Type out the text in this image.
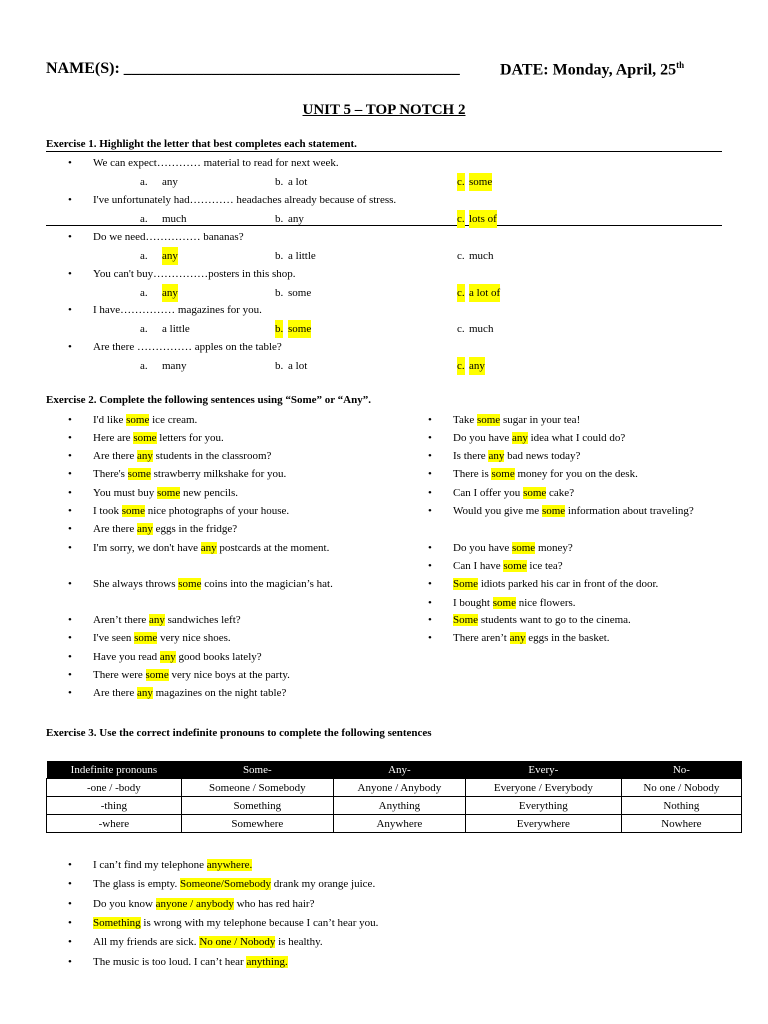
NAME(S): __________________________________________	DATE: Monday, April, 25th
UNIT 5 – TOP NOTCH 2
Exercise 1. Highlight the letter that best completes each statement.
• We can expect………… material to read for next week.
a. any	b. a lot	c. some
• I've unfortunately had………… headaches already because of stress.
a. much	b. any	c. lots of
• Do we need…………… bananas?
a. any	b. a little	c. much
• You can't buy……………posters in this shop.
a. any	b. some	c. a lot of
• I have…………… magazines for you.
a. a little	b. some	c. much
• Are there …………… apples on the table?
a. many	b. a lot	c. any
Exercise 2. Complete the following sentences using “Some” or “Any”.
• I'd like some ice cream.
• Here are some letters for you.
• Are there any students in the classroom?
• There's some strawberry milkshake for you.
• You must buy some new pencils.
• I took some nice photographs of your house.
• Are there any eggs in the fridge?
• I'm sorry, we don't have any postcards at the moment.
• She always throws some coins into the magician’s hat.
• Aren’t there any sandwiches left?
• I've seen some very nice shoes.
• Have you read any good books lately?
• There were some very nice boys at the party.
• Are there any magazines on the night table?
• Take some sugar in your tea!
• Do you have any idea what I could do?
• Is there any bad news today?
• There is some money for you on the desk.
• Can I offer you some cake?
• Would you give me some information about traveling?
• Do you have some money?
• Can I have some ice tea?
• Some idiots parked his car in front of the door.
• I bought some nice flowers.
• Some students want to go to the cinema.
• There aren’t any eggs in the basket.
Exercise 3. Use the correct indefinite pronouns to complete the following sentences
Indefinite pronouns	Some-	Any-	Every-	No-
-one / -body	Someone / Somebody	Anyone / Anybody	Everyone / Everybody	No one / Nobody
-thing	Something	Anything	Everything	Nothing
-where	Somewhere	Anywhere	Everywhere	Nowhere
• I can’t find my telephone anywhere.
• The glass is empty. Someone/Somebody drank my orange juice.
• Do you know anyone / anybody who has red hair?
• Something is wrong with my telephone because I can’t hear you.
• All my friends are sick. No one / Nobody is healthy.
• The music is too loud. I can’t hear anything.
